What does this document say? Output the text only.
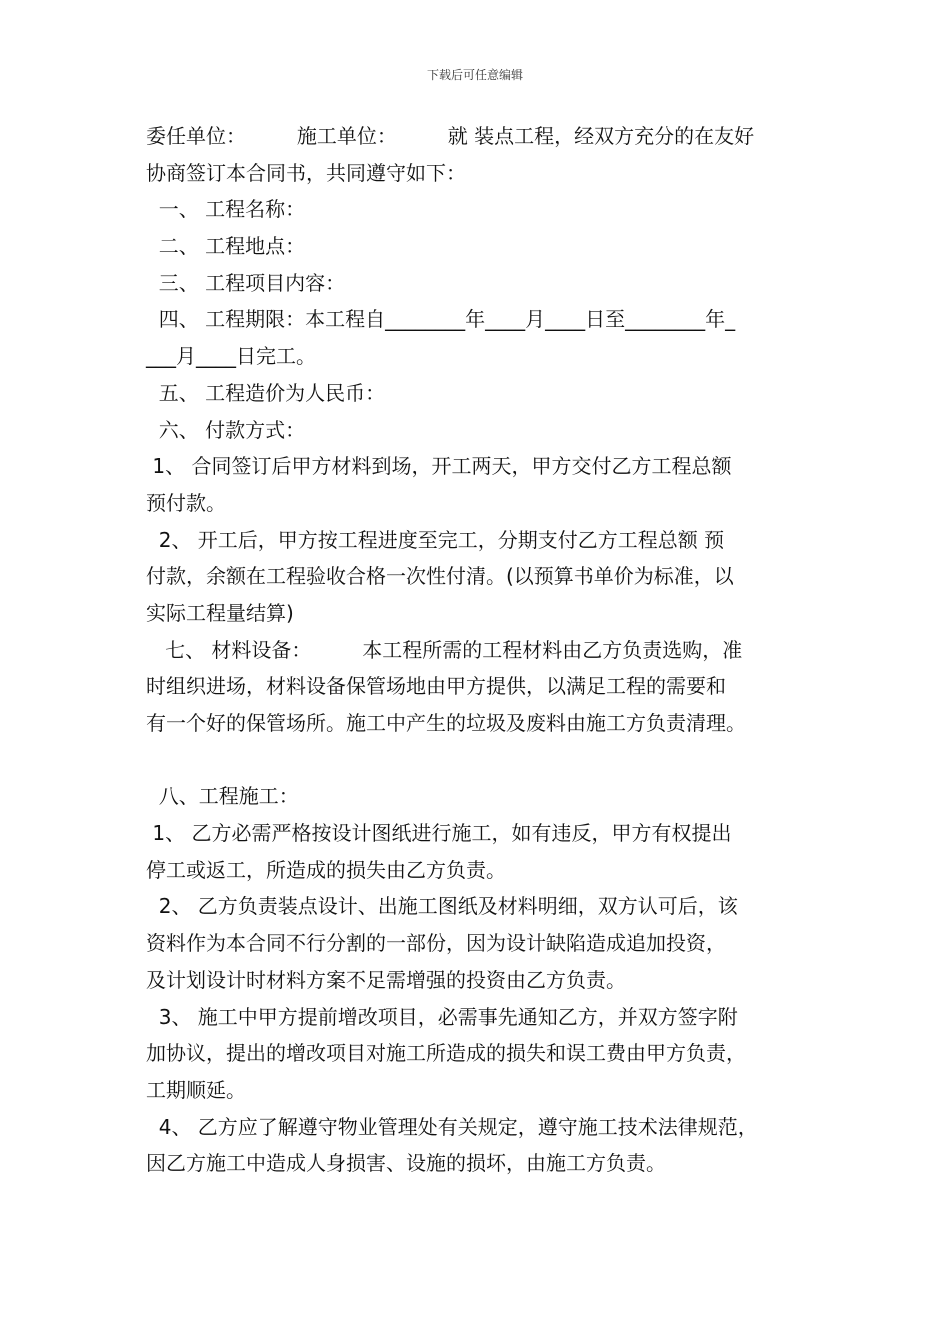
下载后可任意编辑
委任单位：        施工单位：        就 装点工程，经双方充分的在友好
协商签订本合同书，共同遵守如下：
一、 工程名称：
二、 工程地点：
三、 工程项目内容：
四、 工程期限：本工程自________年____月____日至________年_
___月____日完工。
五、 工程造价为人民币：
六、 付款方式：
1、 合同签订后甲方材料到场，开工两天，甲方交付乙方工程总额
预付款。
2、 开工后，甲方按工程进度至完工，分期支付乙方工程总额 预
付款，余额在工程验收合格一次性付清。(以预算书单价为标准，以
实际工程量结算)
七、 材料设备：        本工程所需的工程材料由乙方负责选购，准
时组织进场，材料设备保管场地由甲方提供，以满足工程的需要和
有一个好的保管场所。施工中产生的垃圾及废料由施工方负责清理。
八、工程施工：
1、 乙方必需严格按设计图纸进行施工，如有违反，甲方有权提出
停工或返工，所造成的损失由乙方负责。
2、 乙方负责装点设计、出施工图纸及材料明细，双方认可后，该
资料作为本合同不行分割的一部份，因为设计缺陷造成追加投资，
及计划设计时材料方案不足需增强的投资由乙方负责。
3、 施工中甲方提前增改项目，必需事先通知乙方，并双方签字附
加协议，提出的增改项目对施工所造成的损失和误工费由甲方负责，
工期顺延。
4、 乙方应了解遵守物业管理处有关规定，遵守施工技术法律规范，
因乙方施工中造成人身损害、设施的损坏，由施工方负责。
